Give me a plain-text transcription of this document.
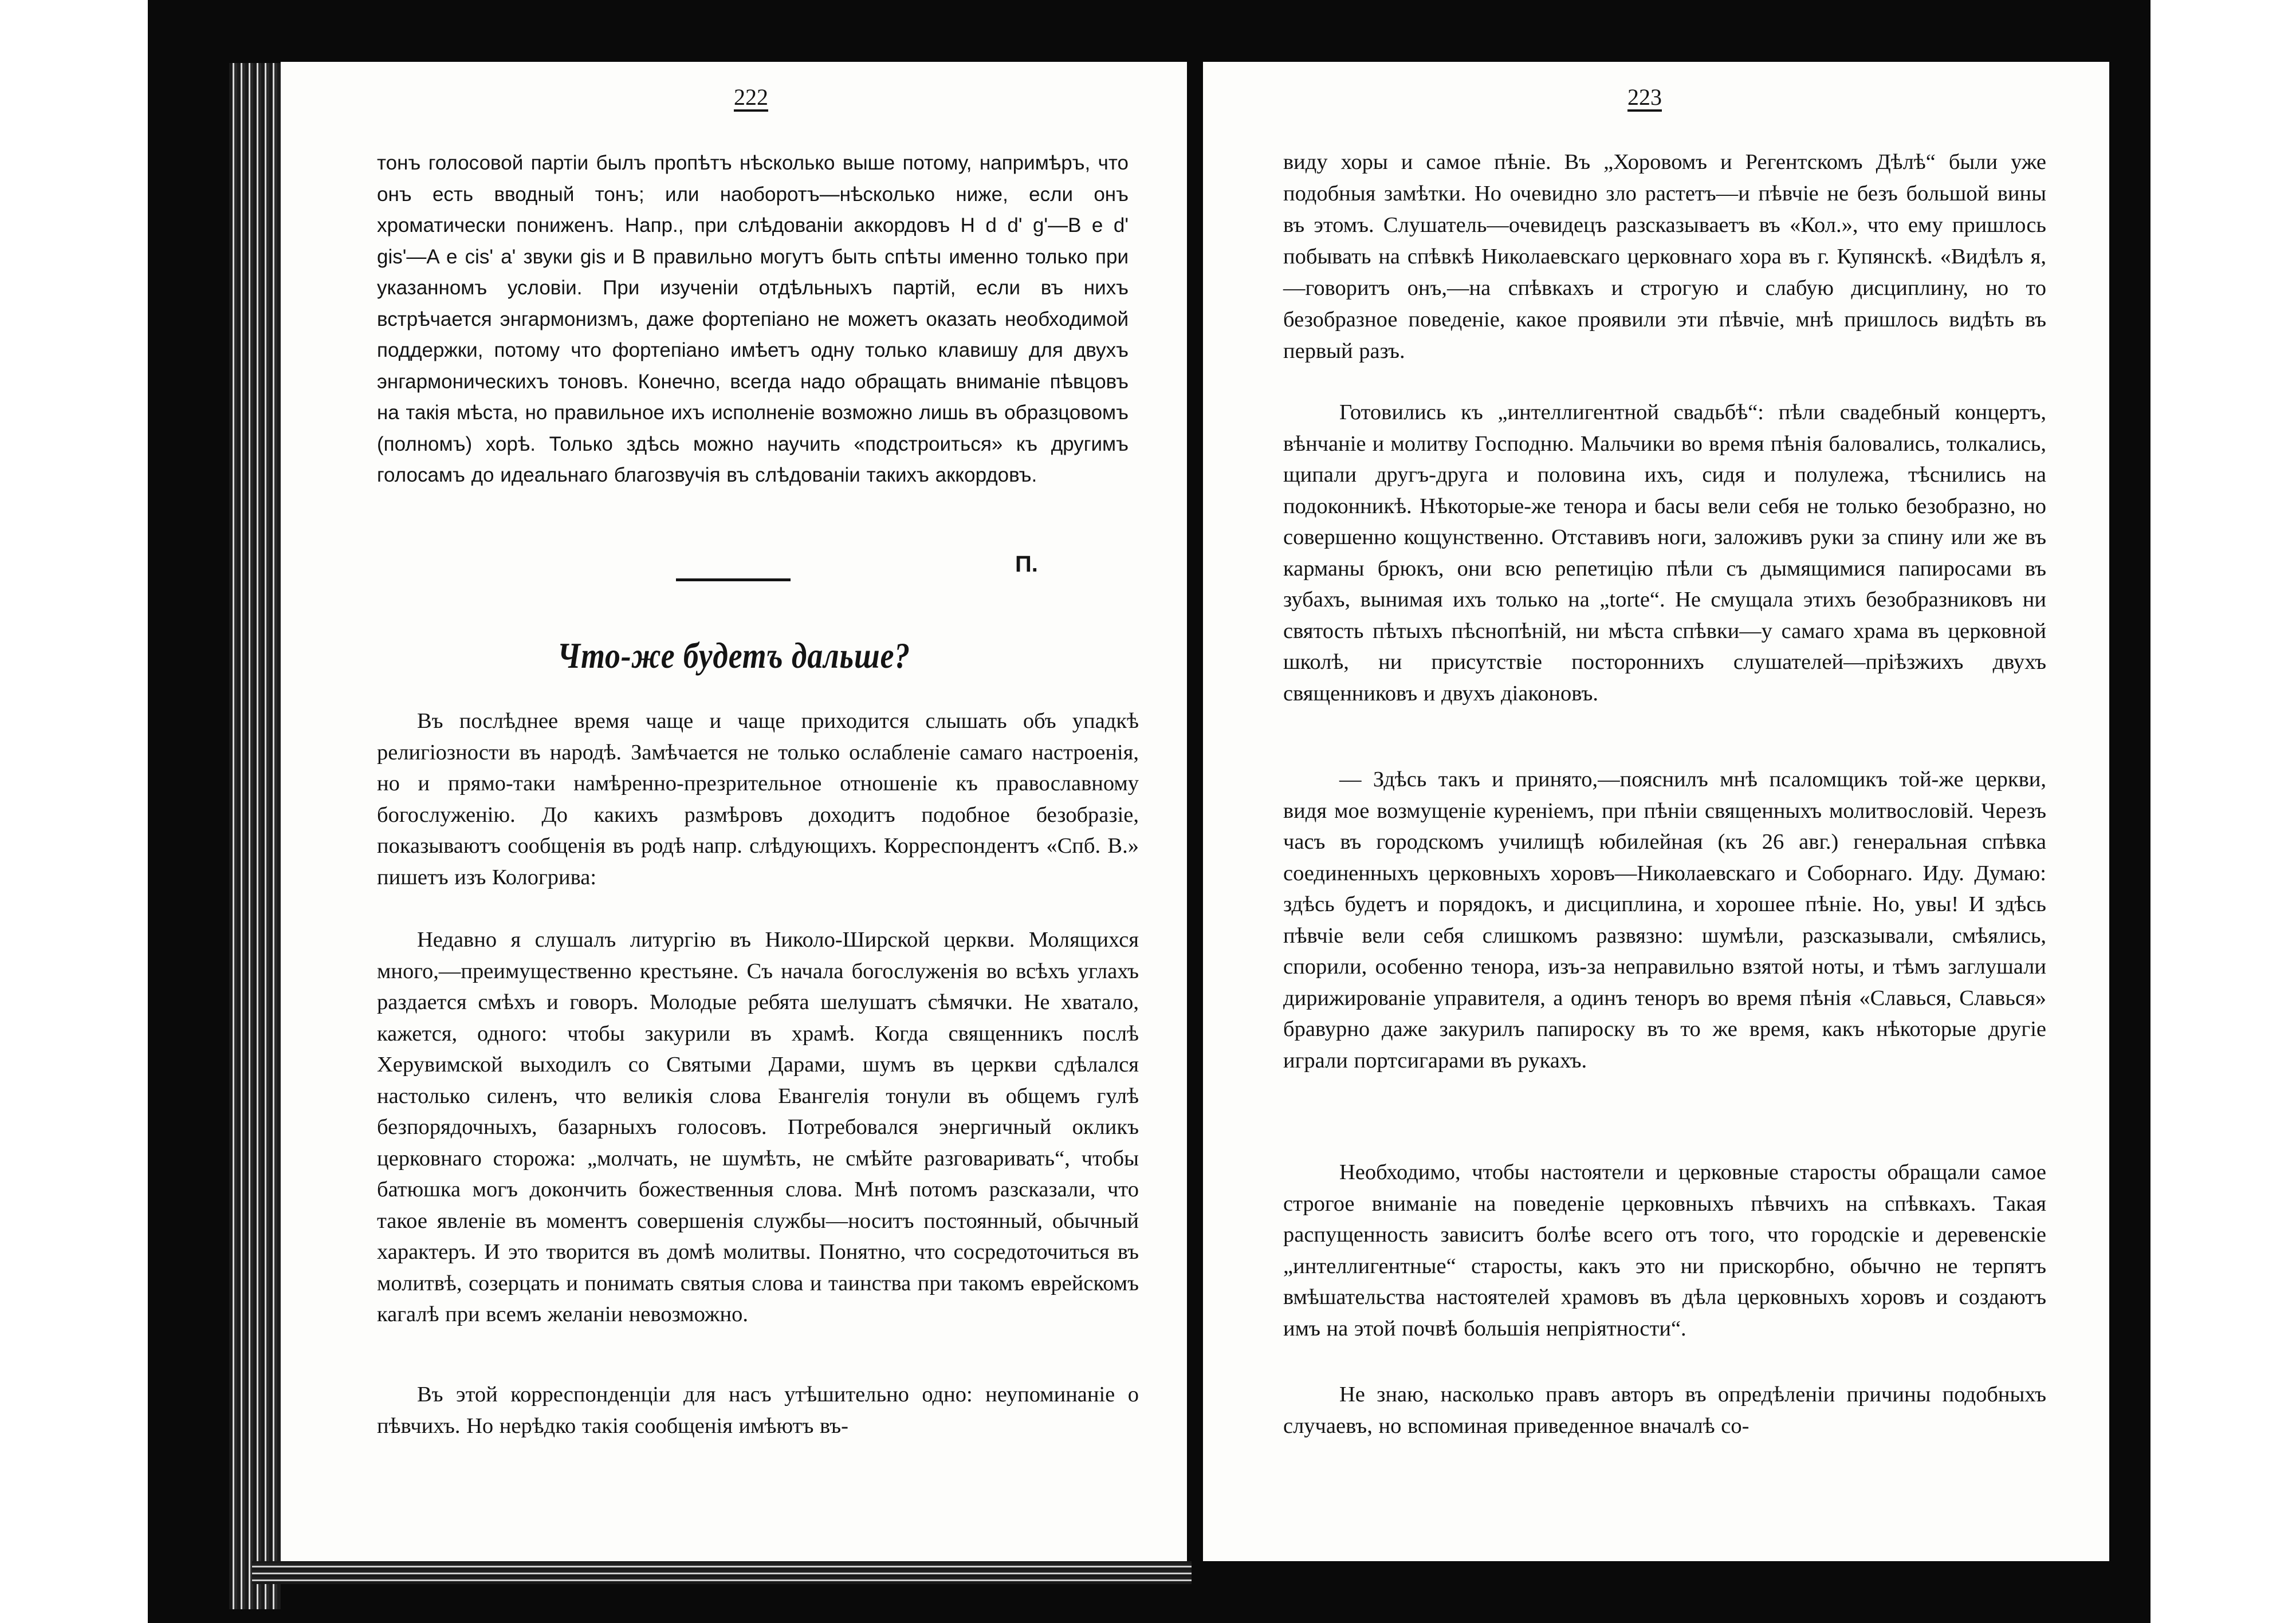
222

тонъ голосовой партіи былъ пропѣтъ нѣсколько выше потому, напримѣръ, что онъ есть вводный тонъ; или наоборотъ—нѣсколько ниже, если онъ хроматически пониженъ. Напр., при слѣдованіи аккордовъ H d d' g'—B e d' gis'—A e cis' a' звуки gis и B правильно могутъ быть спѣты именно только при указанномъ условіи. При изученіи отдѣльныхъ партій, если въ нихъ встрѣчается энгармонизмъ, даже фортепіано не можетъ оказать необходимой поддержки, потому что фортепіано имѣетъ одну только клавишу для двухъ энгармоническихъ тоновъ. Конечно, всегда надо обращать вниманіе пѣвцовъ на такія мѣста, но правильное ихъ исполненіе возможно лишь въ образцовомъ (полномъ) хорѣ. Только здѣсь можно научить «подстроиться» къ другимъ голосамъ до идеальнаго благозвучія въ слѣдованіи такихъ аккордовъ.

П.
Что-же будетъ дальше?

Въ послѣднее время чаще и чаще приходится слышать объ упадкѣ религіозности въ народѣ. Замѣчается не только ослабленіе самаго настроенія, но и прямо-таки намѣренно-презрительное отношеніе къ православному богослуженію. До какихъ размѣровъ доходитъ подобное безобразіе, показываютъ сообщенія въ родѣ напр. слѣдующихъ. Корреспондентъ «Спб. В.» пишетъ изъ Кологрива:

Недавно я слушалъ литургію въ Николо-Ширской церкви. Молящихся много,—преимущественно крестьяне. Съ начала богослуженія во всѣхъ углахъ раздается смѣхъ и говоръ. Молодые ребята шелушатъ сѣмячки. Не хватало, кажется, одного: чтобы закурили въ храмѣ. Когда священникъ послѣ Херувимской выходилъ со Святыми Дарами, шумъ въ церкви сдѣлался настолько силенъ, что великія слова Евангелія тонули въ общемъ гулѣ безпорядочныхъ, базарныхъ голосовъ. Потребовался энергичный окликъ церковнаго сторожа: „молчать, не шумѣть, не смѣйте разговаривать“, чтобы батюшка могъ докончить божественныя слова. Мнѣ потомъ разсказали, что такое явленіе въ моментъ совершенія службы—носитъ постоянный, обычный характеръ. И это творится въ домѣ молитвы. Понятно, что сосредоточиться въ молитвѣ, созерцать и понимать святыя слова и таинства при такомъ еврейскомъ кагалѣ при всемъ желаніи невозможно.

Въ этой корреспонденціи для насъ утѣшительно одно: неупоминаніе о пѣвчихъ. Но нерѣдко такія сообщенія имѣютъ въ-

223

виду хоры и самое пѣніе. Въ „Хоровомъ и Регентскомъ Дѣлѣ“ были уже подобныя замѣтки. Но очевидно зло растетъ—и пѣвчіе не безъ большой вины въ этомъ. Слушатель—очевидецъ разсказываетъ въ «Кол.», что ему пришлось побывать на спѣвкѣ Николаевскаго церковнаго хора въ г. Купянскѣ. «Видѣлъ я,—говоритъ онъ,—на спѣвкахъ и строгую и слабую дисциплину, но то безобразное поведеніе, какое проявили эти пѣвчіе, мнѣ пришлось видѣть въ первый разъ.

Готовились къ „интеллигентной свадьбѣ“: пѣли свадебный концертъ, вѣнчаніе и молитву Господню. Мальчики во время пѣнія баловались, толкались, щипали другъ-друга и половина ихъ, сидя и полулежа, тѣснились на подоконникѣ. Нѣкоторые-же тенора и басы вели себя не только безобразно, но совершенно кощунственно. Отставивъ ноги, заложивъ руки за спину или же въ карманы брюкъ, они всю репетицію пѣли съ дымящимися папиросами въ зубахъ, вынимая ихъ только на „torte“. Не смущала этихъ безобразниковъ ни святость пѣтыхъ пѣснопѣній, ни мѣста спѣвки—у самаго храма въ церковной школѣ, ни присутствіе постороннихъ слушателей—пріѣзжихъ двухъ священниковъ и двухъ діаконовъ.

— Здѣсь такъ и принято,—пояснилъ мнѣ псаломщикъ той-же церкви, видя мое возмущеніе куреніемъ, при пѣніи священныхъ молитвословій. Черезъ часъ въ городскомъ училищѣ юбилейная (къ 26 авг.) генеральная спѣвка соединенныхъ церковныхъ хоровъ—Николаевскаго и Соборнаго. Иду. Думаю: здѣсь будетъ и порядокъ, и дисциплина, и хорошее пѣніе. Но, увы! И здѣсь пѣвчіе вели себя слишкомъ развязно: шумѣли, разсказывали, смѣялись, спорили, особенно тенора, изъ-за неправильно взятой ноты, и тѣмъ заглушали дирижированіе управителя, а одинъ теноръ во время пѣнія «Славься, Славься» бравурно даже закурилъ папироску въ то же время, какъ нѣкоторые другіе играли портсигарами въ рукахъ.

Необходимо, чтобы настоятели и церковные старосты обращали самое строгое вниманіе на поведеніе церковныхъ пѣвчихъ на спѣвкахъ. Такая распущенность зависитъ болѣе всего отъ того, что городскіе и деревенскіе „интеллигентные“ старосты, какъ это ни прискорбно, обычно не терпятъ вмѣшательства настоятелей храмовъ въ дѣла церковныхъ хоровъ и создаютъ имъ на этой почвѣ большія непріятности“.

Не знаю, насколько правъ авторъ въ опредѣленіи причины подобныхъ случаевъ, но вспоминая приведенное вначалѣ со-
